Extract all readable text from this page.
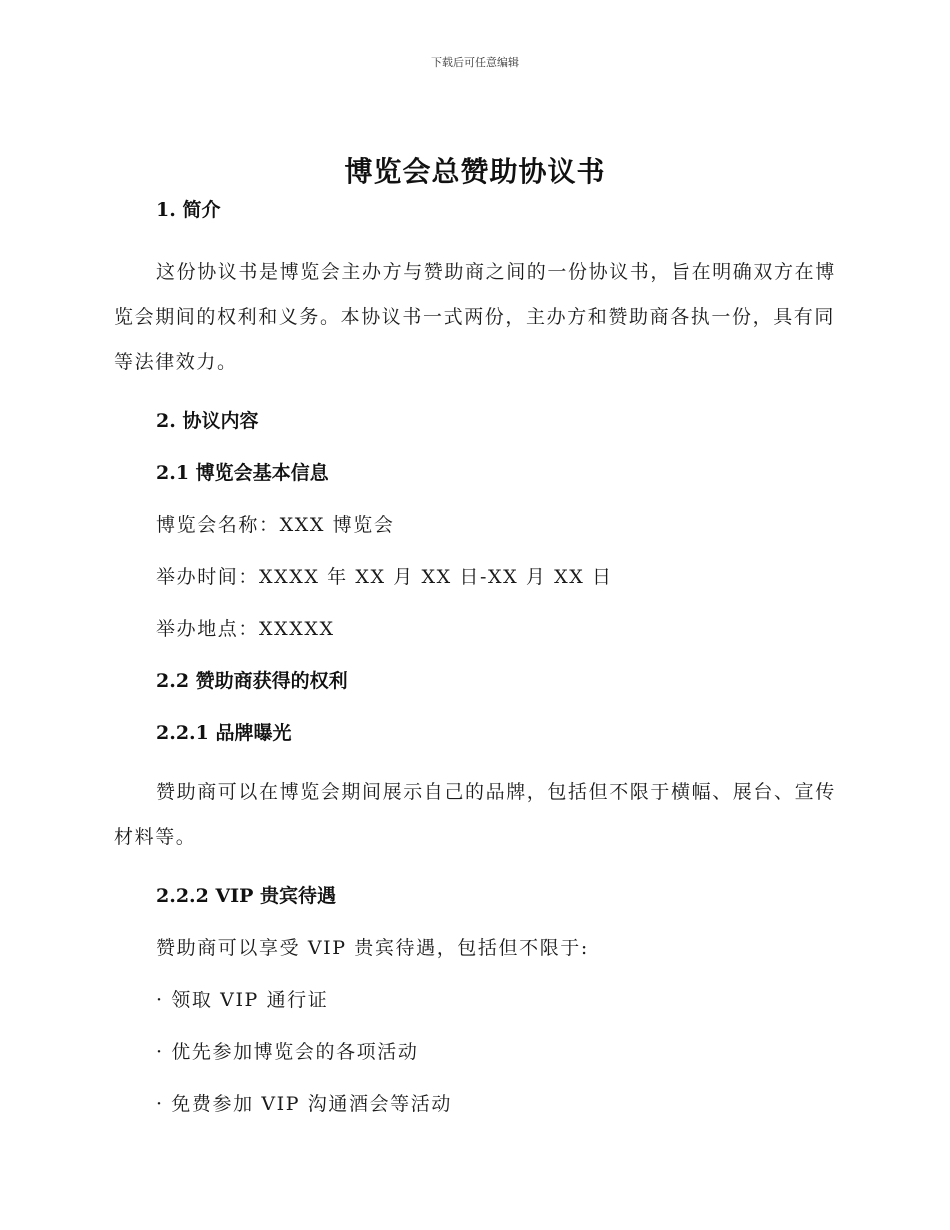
下载后可任意编辑
博览会总赞助协议书
1. 简介
这份协议书是博览会主办方与赞助商之间的一份协议书，旨在明确双方在博览会期间的权利和义务。本协议书一式两份，主办方和赞助商各执一份，具有同等法律效力。
2. 协议内容
2.1 博览会基本信息
博览会名称：XXX 博览会
举办时间：XXXX 年 XX 月 XX 日-XX 月 XX 日
举办地点：XXXXX
2.2 赞助商获得的权利
2.2.1 品牌曝光
赞助商可以在博览会期间展示自己的品牌，包括但不限于横幅、展台、宣传材料等。
2.2.2 VIP 贵宾待遇
赞助商可以享受 VIP 贵宾待遇，包括但不限于:
· 领取 VIP 通行证
· 优先参加博览会的各项活动
· 免费参加 VIP 沟通酒会等活动
